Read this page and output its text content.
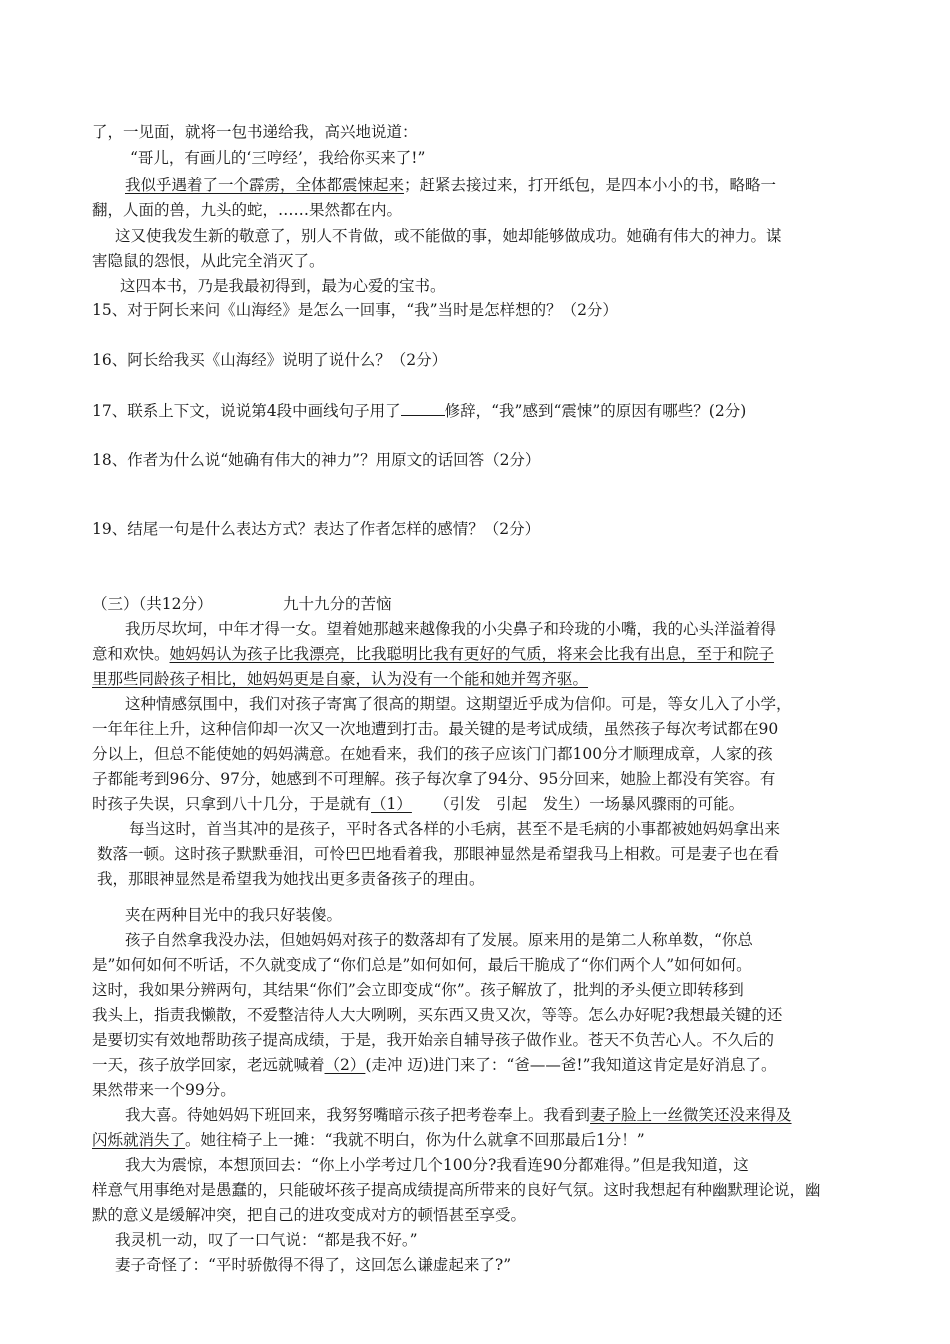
了，一见面，就将一包书递给我，高兴地说道：
“哥儿，有画儿的‘三哼经’，我给你买来了!”
我似乎遇着了一个霹雳，全体都震悚起来；赶紧去接过来，打开纸包，是四本小小的书，略略一
翻，人面的兽，九头的蛇，……果然都在内。
这又使我发生新的敬意了，别人不肯做，或不能做的事，她却能够做成功。她确有伟大的神力。谋
害隐鼠的怨恨，从此完全消灭了。
这四本书，乃是我最初得到，最为心爱的宝书。
15、对于阿长来问《山海经》是怎么一回事，“我”当时是怎样想的？（2分）
16、阿长给我买《山海经》说明了说什么？（2分）
17、联系上下文，说说第4段中画线句子用了	修辞，“我”感到“震悚”的原因有哪些？(2分)
18、作者为什么说“她确有伟大的神力”？用原文的话回答（2分）
19、结尾一句是什么表达方式？表达了作者怎样的感情？（2分）
（三）（共12分）	九十九分的苦恼
我历尽坎坷，中年才得一女。望着她那越来越像我的小尖鼻子和玲珑的小嘴，我的心头洋溢着得
意和欢快。她妈妈认为孩子比我漂亮，比我聪明比我有更好的气质，将来会比我有出息，至于和院子
里那些同龄孩子相比，她妈妈更是自豪，认为没有一个能和她并驾齐驱。
这种情感氛围中，我们对孩子寄寓了很高的期望。这期望近乎成为信仰。可是，等女儿入了小学，
一年年往上升，这种信仰却一次又一次地遭到打击。最关键的是考试成绩，虽然孩子每次考试都在90
分以上，但总不能使她的妈妈满意。在她看来，我们的孩子应该门门都100分才顺理成章，人家的孩
子都能考到96分、97分，她感到不可理解。孩子每次拿了94分、95分回来，她脸上都没有笑容。有
时孩子失误，只拿到八十几分，于是就有（1） （引发　引起　发生）一场暴风骤雨的可能。
每当这时，首当其冲的是孩子，平时各式各样的小毛病，甚至不是毛病的小事都被她妈妈拿出来
数落一顿。这时孩子默默垂泪，可怜巴巴地看着我，那眼神显然是希望我马上相救。可是妻子也在看
我，那眼神显然是希望我为她找出更多责备孩子的理由。
夹在两种目光中的我只好装傻。
孩子自然拿我没办法，但她妈妈对孩子的数落却有了发展。原来用的是第二人称单数，“你总
是”如何如何不听话，不久就变成了“你们总是”如何如何，最后干脆成了“你们两个人”如何如何。
这时，我如果分辨两句，其结果“你们”会立即变成“你”。孩子解放了，批判的矛头便立即转移到
我头上，指责我懒散，不爱整洁待人大大咧咧，买东西又贵又次，等等。怎么办好呢?我想最关键的还
是要切实有效地帮助孩子提高成绩，于是，我开始亲自辅导孩子做作业。苍天不负苦心人。不久后的
一天，孩子放学回家，老远就喊着（2）(走冲 迈)进门来了：“爸——爸!”我知道这肯定是好消息了。
果然带来一个99分。
我大喜。待她妈妈下班回来，我努努嘴暗示孩子把考卷奉上。我看到妻子脸上一丝微笑还没来得及
闪烁就消失了。她往椅子上一摊：“我就不明白，你为什么就拿不回那最后1分！”
我大为震惊，本想顶回去：“你上小学考过几个100分?我看连90分都难得。”但是我知道，这
样意气用事绝对是愚蠢的，只能破坏孩子提高成绩提高所带来的良好气氛。这时我想起有种幽默理论说，幽
默的意义是缓解冲突，把自己的进攻变成对方的顿悟甚至享受。
我灵机一动，叹了一口气说：“都是我不好。”
妻子奇怪了：“平时骄傲得不得了，这回怎么谦虚起来了?”
